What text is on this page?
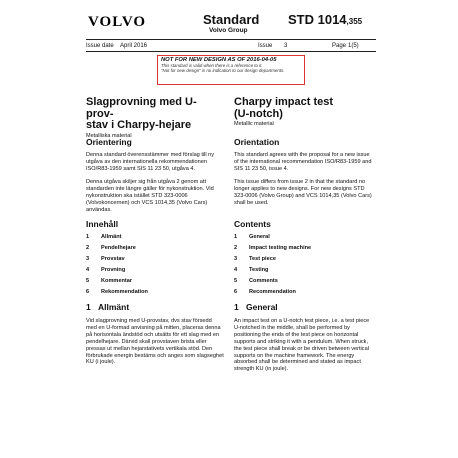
VOLVO	Standard
Volvo Group
STD 1014,355
Issue date April 2016	Issue 3	Page 1(5)
NOT FOR NEW DESIGN AS OF 2016-04-05
This standard is valid when there is a reference to it.
"Not for new design" is no indication to our design departments.

Slagprovning med U-prov-

stav i Charpy-hejare

Metalliska material

Orientering
Denna standard överensstämmer med förslag till ny utgåva av den internationella rekommendationen ISO/R83-1959 samt SIS 11 23 50, utgåva 4.
Denna utgåva skiljer sig från utgåva 2 genom att standarden inte längre gäller för nykonstruktion. Vid nykonstruktion ska istället STD 323-0006 (Volvokoncernen) och VCS 1014,35 (Volvo Cars) användas.
Innehåll
1	Allmänt
2	Pendelhejare
3	Provstav
4	Provning
5	Kommentar
6	Rekommendation
1 Allmänt
Vid slagprovning med U-provstav, dvs stav försedd med en U-formad anvisning på mitten, placeras denna på horisontala ändstöd och utsätts för ett slag med en pendelhejare. Därvid skall provstaven brista eller pressas ut mellan hejarstativets vertikala stöd. Den förbrukade energin bestäms och anges som slagseghet KU (i joule).

Charpy impact test

(U-notch)

Metallic material

Orientation
This standard agrees with the proposal for a new issue of the international recommendation ISO/R83-1959 and SIS 11 23 50, issue 4.
This issue differs from issue 2 in that the standard no longer applies to new designs. For new designs STD 323-0006 (Volvo Group) and VCS 1014,35 (Volvo Cars) shall be used.
Contents
1	General
2	Impact testing machine
3	Test piece
4	Testing
5	Comments
6	Recommendation
1 General
An impact test on a U-notch test piece, i.e. a test piece U-notched in the middle, shall be performed by positioning the ends of the test piece on horizontal supports and striking it with a pendulum. When struck, the test piece shall break or be driven between vertical supports on the machine framework. The energy absorbed shall be determined and stated as impact strength KU (in joule).
